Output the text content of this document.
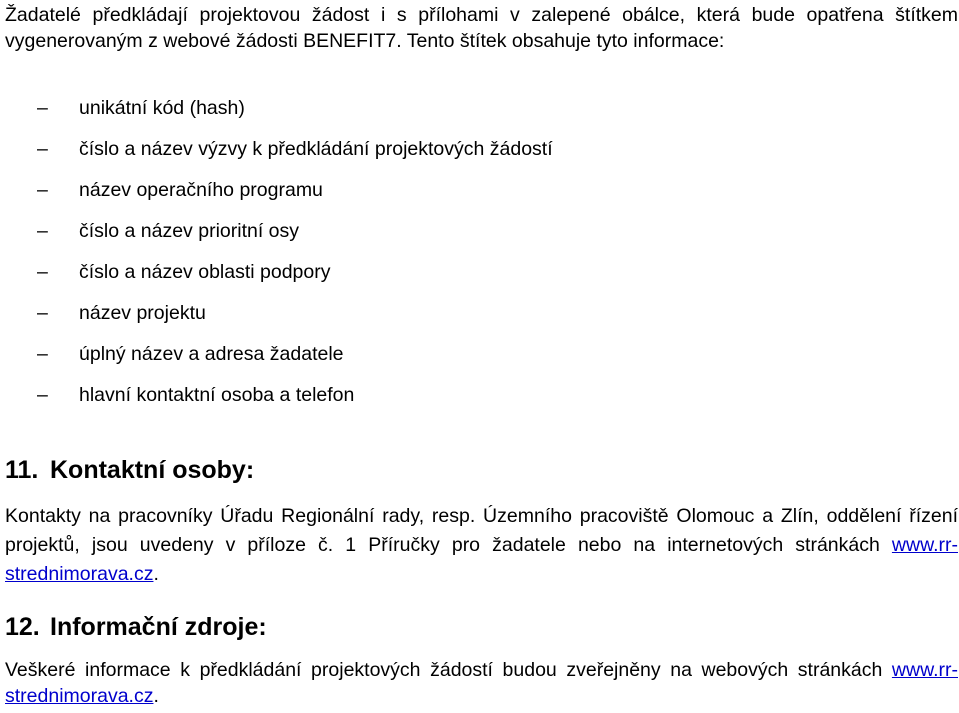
Žadatelé předkládají projektovou žádost i s přílohami v zalepené obálce, která bude opatřena štítkem vygenerovaným z webové žádosti BENEFIT7. Tento štítek obsahuje tyto informace:

–	unikátní kód (hash)
–	číslo a název výzvy k předkládání projektových žádostí
–	název operačního programu
–	číslo a název prioritní osy
–	číslo a název oblasti podpory
–	název projektu
–	úplný název a adresa žadatele
–	hlavní kontaktní osoba a telefon
11. Kontaktní osoby:

Kontakty na pracovníky Úřadu Regionální rady, resp. Územního pracoviště Olomouc a Zlín, oddělení řízení projektů, jsou uvedeny v příloze č. 1 Příručky pro žadatele nebo na internetových stránkách www.rr-strednimorava.cz.

12. Informační zdroje:

Veškeré informace k předkládání projektových žádostí budou zveřejněny na webových stránkách www.rr-strednimorava.cz.
